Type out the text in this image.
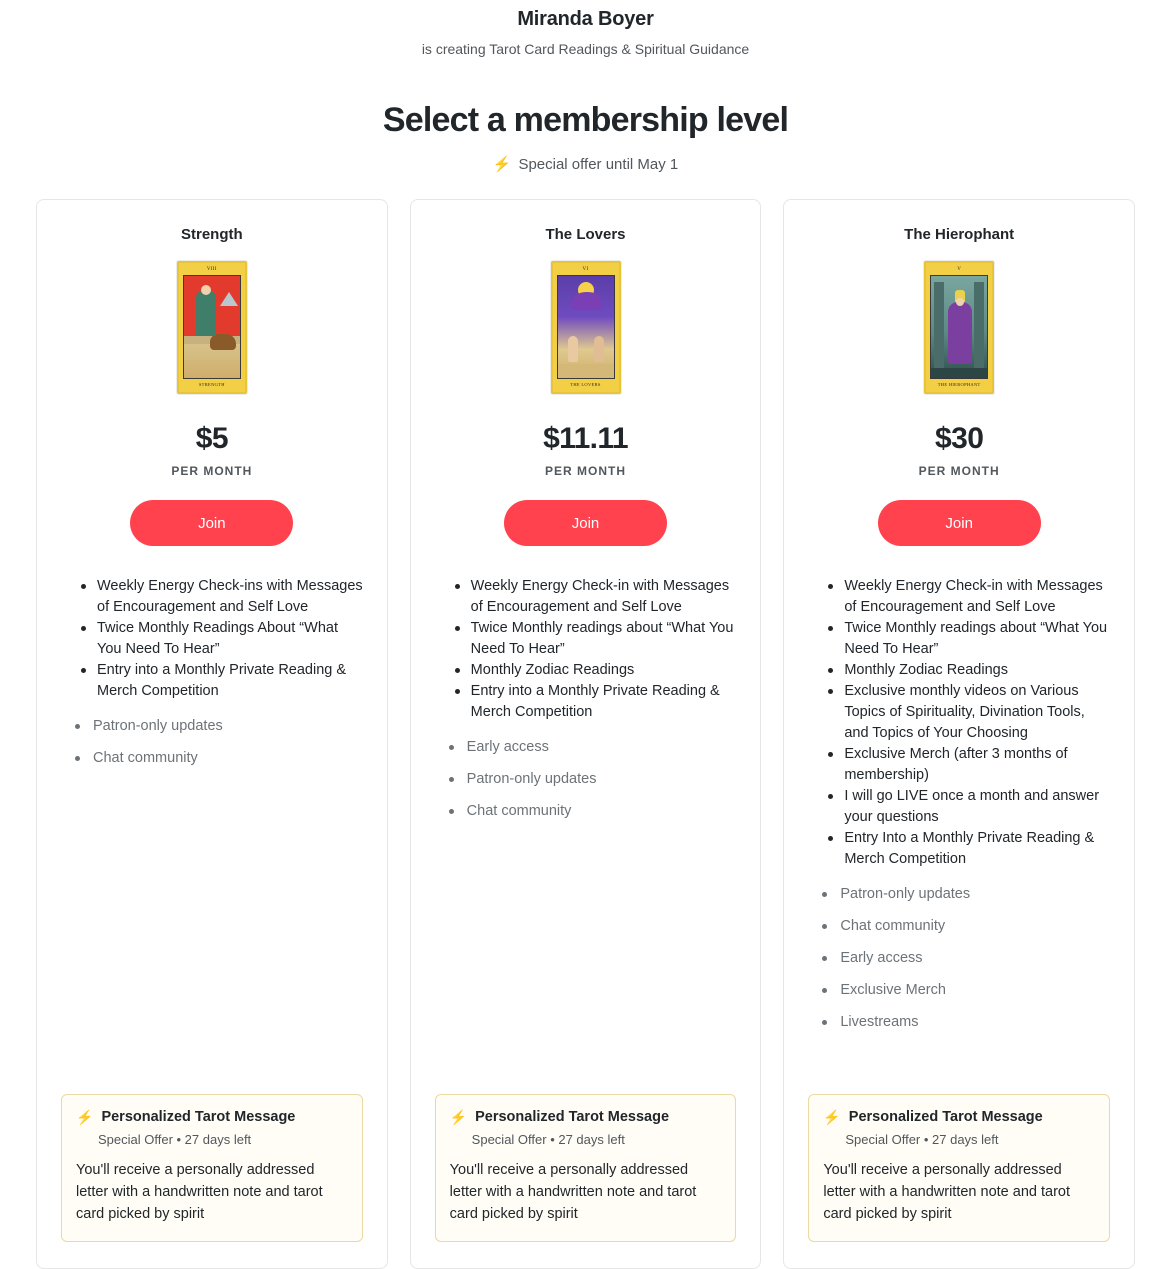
Miranda Boyer
is creating Tarot Card Readings & Spiritual Guidance
Select a membership level
⚡ Special offer until May 1
Strength
VIII
STRENGTH
$5
PER MONTH
Join
Weekly Energy Check-ins with Messages of Encouragement and Self Love
Twice Monthly Readings About “What You Need To Hear”
Entry into a Monthly Private Reading & Merch Competition
Patron-only updates
Chat community
⚡ Personalized Tarot Message
Special Offer • 27 days left
You'll receive a personally addressed letter with a handwritten note and tarot card picked by spirit
The Lovers
VI
THE LOVERS
$11.11
PER MONTH
Join
Weekly Energy Check-in with Messages of Encouragement and Self Love
Twice Monthly readings about “What You Need To Hear”
Monthly Zodiac Readings
Entry into a Monthly Private Reading & Merch Competition
Early access
Patron-only updates
Chat community
⚡ Personalized Tarot Message
Special Offer • 27 days left
You'll receive a personally addressed letter with a handwritten note and tarot card picked by spirit
The Hierophant
V
THE HIEROPHANT
$30
PER MONTH
Join
Weekly Energy Check-in with Messages of Encouragement and Self Love
Twice Monthly readings about “What You Need To Hear”
Monthly Zodiac Readings
Exclusive monthly videos on Various Topics of Spirituality, Divination Tools, and Topics of Your Choosing
Exclusive Merch (after 3 months of membership)
I will go LIVE once a month and answer your questions
Entry Into a Monthly Private Reading & Merch Competition
Patron-only updates
Chat community
Early access
Exclusive Merch
Livestreams
⚡ Personalized Tarot Message
Special Offer • 27 days left
You'll receive a personally addressed letter with a handwritten note and tarot card picked by spirit
